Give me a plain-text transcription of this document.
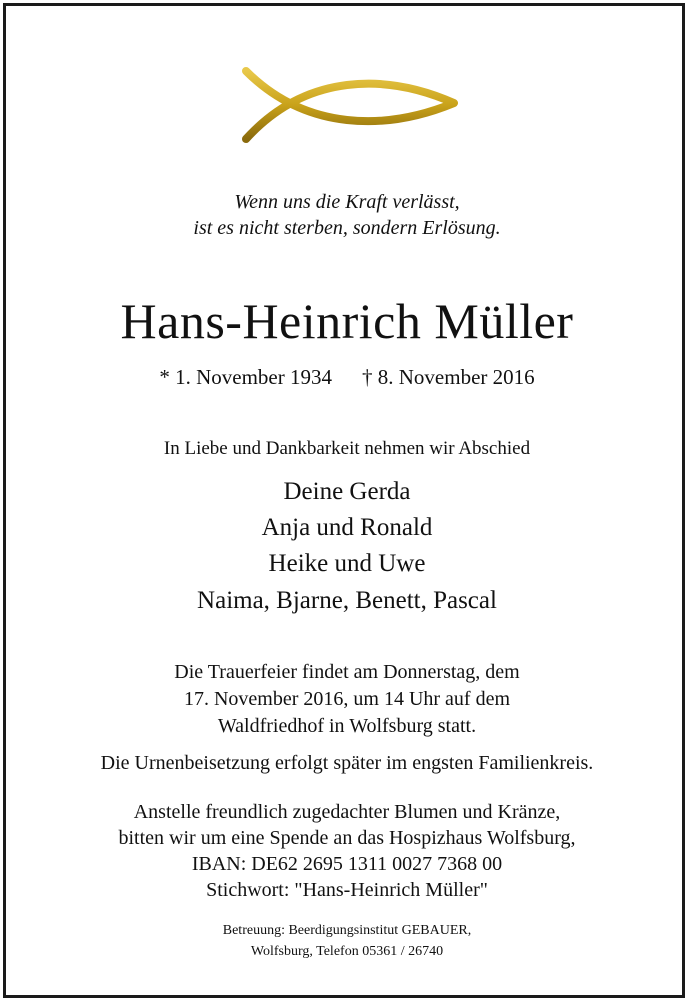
Wenn uns die Kraft verlässt,
ist es nicht sterben, sondern Erlösung.
Hans-Heinrich Müller
* 1. November 1934 † 8. November 2016
In Liebe und Dankbarkeit nehmen wir Abschied
Deine Gerda
Anja und Ronald
Heike und Uwe
Naima, Bjarne, Benett, Pascal
Die Trauerfeier findet am Donnerstag, dem
17. November 2016, um 14 Uhr auf dem
Waldfriedhof in Wolfsburg statt.
Die Urnenbeisetzung erfolgt später im engsten Familienkreis.
Anstelle freundlich zugedachter Blumen und Kränze,
bitten wir um eine Spende an das Hospizhaus Wolfsburg,
IBAN: DE62 2695 1311 0027 7368 00
Stichwort: "Hans-Heinrich Müller"
Betreuung: Beerdigungsinstitut GEBAUER,
Wolfsburg, Telefon 05361 / 26740
